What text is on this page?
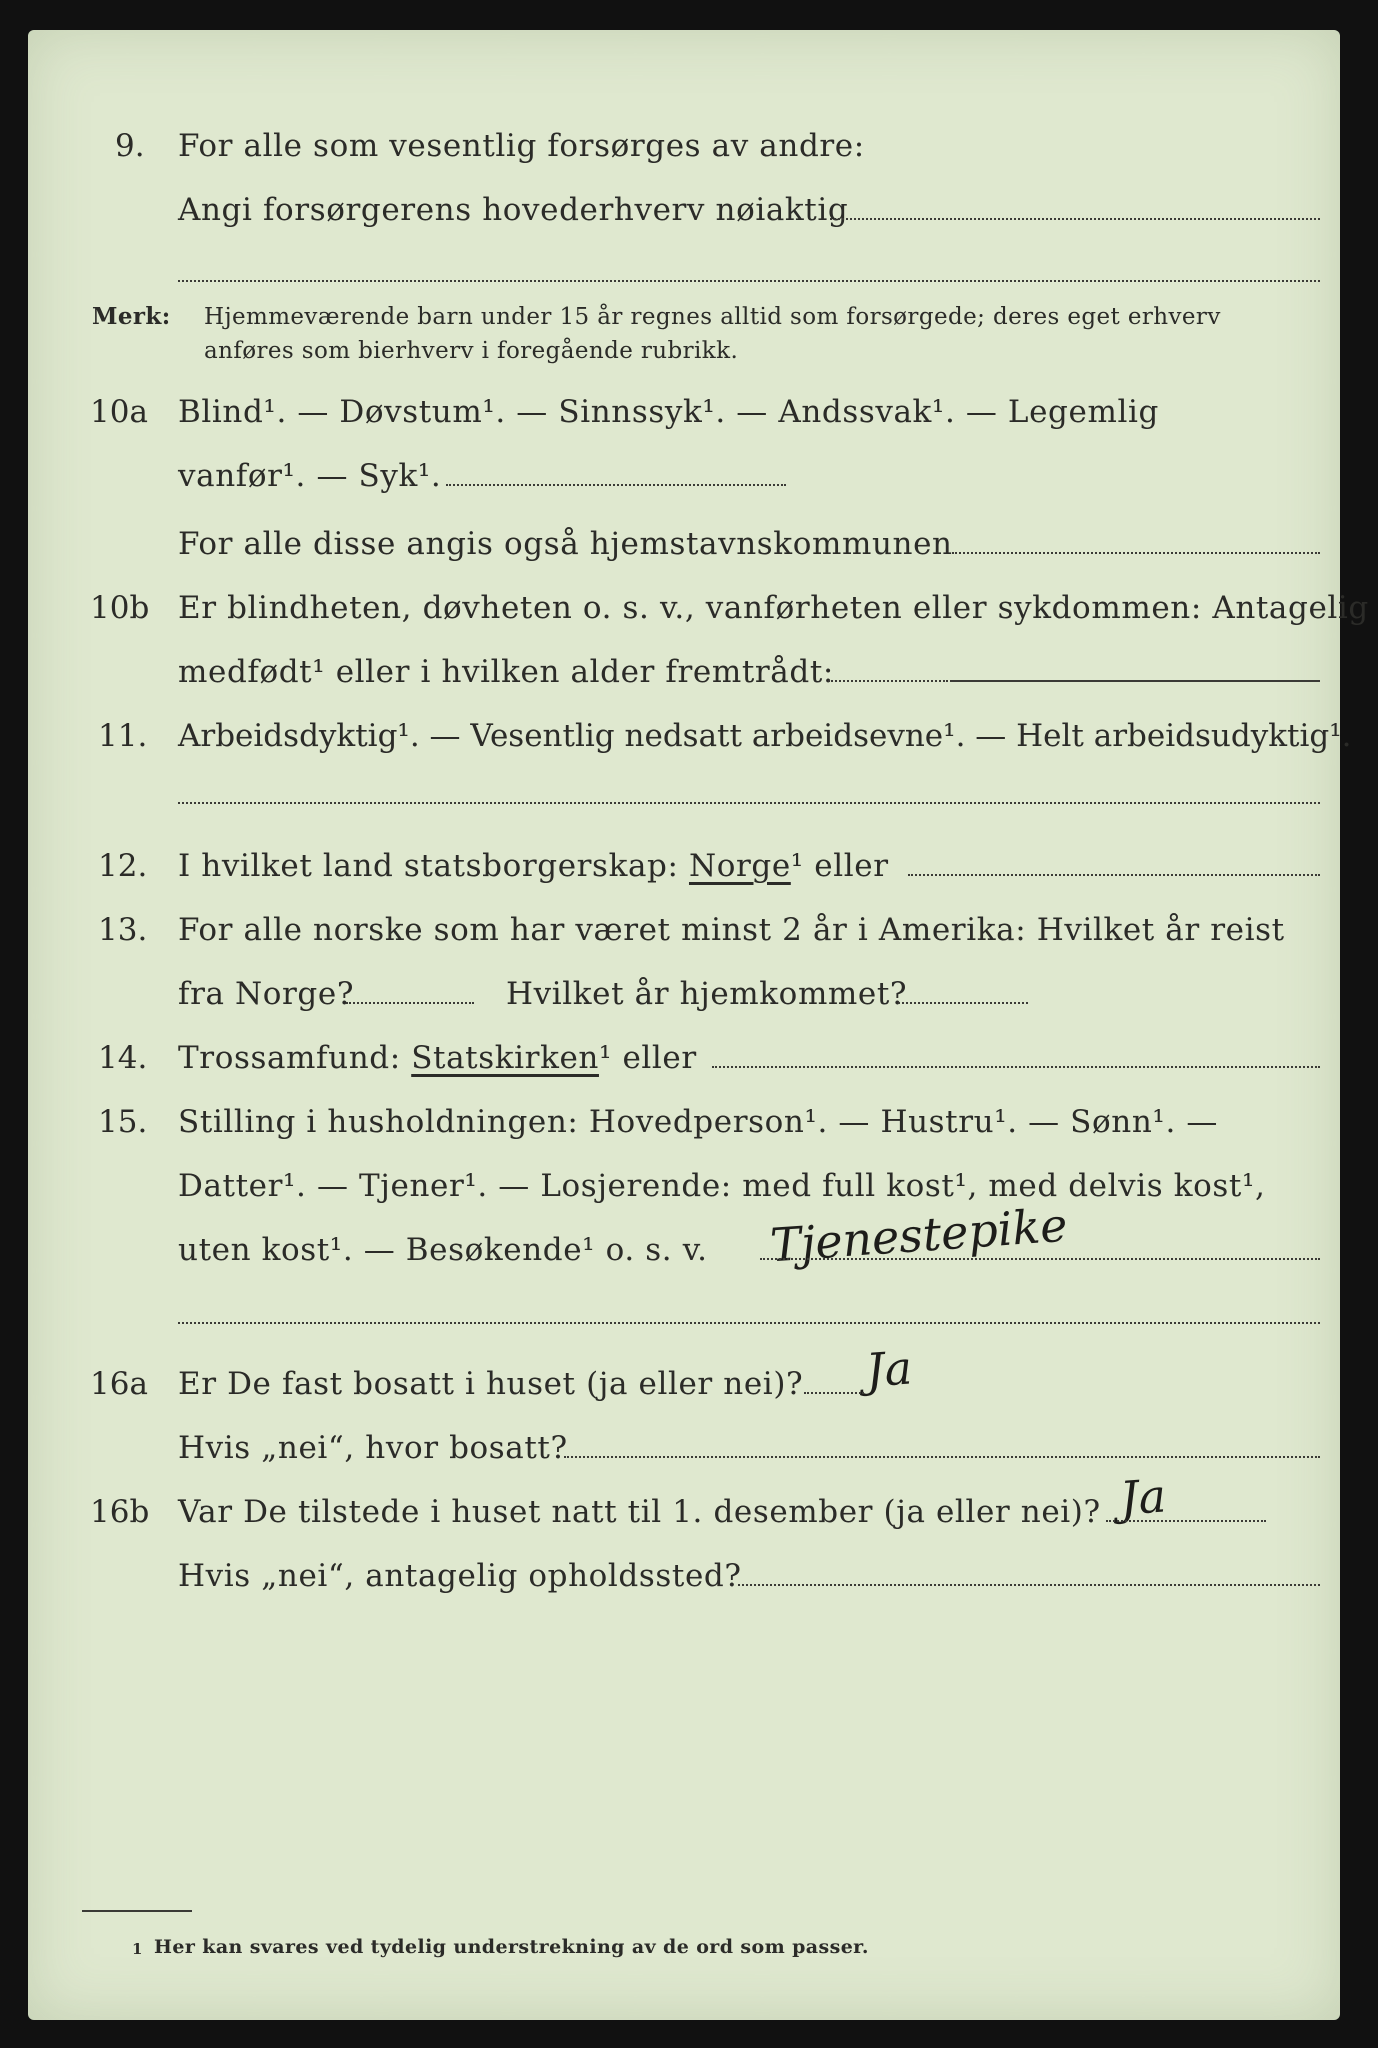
9. For alle som vesentlig forsørges av andre:
Angi forsørgerens hovederhverv nøiaktig
Merk: Hjemmeværende barn under 15 år regnes alltid som forsørgede; deres eget erhverv
anføres som bierhverv i foregående rubrikk.
10a Blind¹. — Døvstum¹. — Sinnssyk¹. — Andssvak¹. — Legemlig
vanfør¹. — Syk¹.
For alle disse angis også hjemstavnskommunen
10b Er blindheten, døvheten o. s. v., vanførheten eller sykdommen: Antagelig
medfødt¹ eller i hvilken alder fremtrådt:
11. Arbeidsdyktig¹. — Vesentlig nedsatt arbeidsevne¹. — Helt arbeidsudyktig¹.
12. I hvilket land statsborgerskap: Norge¹ eller
13. For alle norske som har været minst 2 år i Amerika: Hvilket år reist
fra Norge?	Hvilket år hjemkommet?
14. Trossamfund: Statskirken¹ eller
15. Stilling i husholdningen: Hovedperson¹. — Hustru¹. — Sønn¹. —
Datter¹. — Tjener¹. — Losjerende: med full kost¹, med delvis kost¹,
uten kost¹. — Besøkende¹ o. s. v. Tjenestepike
16a Er De fast bosatt i huset (ja eller nei)? Ja
Hvis „nei“, hvor bosatt?
16b Var De tilstede i huset natt til 1. desember (ja eller nei)? Ja
Hvis „nei“, antagelig opholdssted?
1 Her kan svares ved tydelig understrekning av de ord som passer.
